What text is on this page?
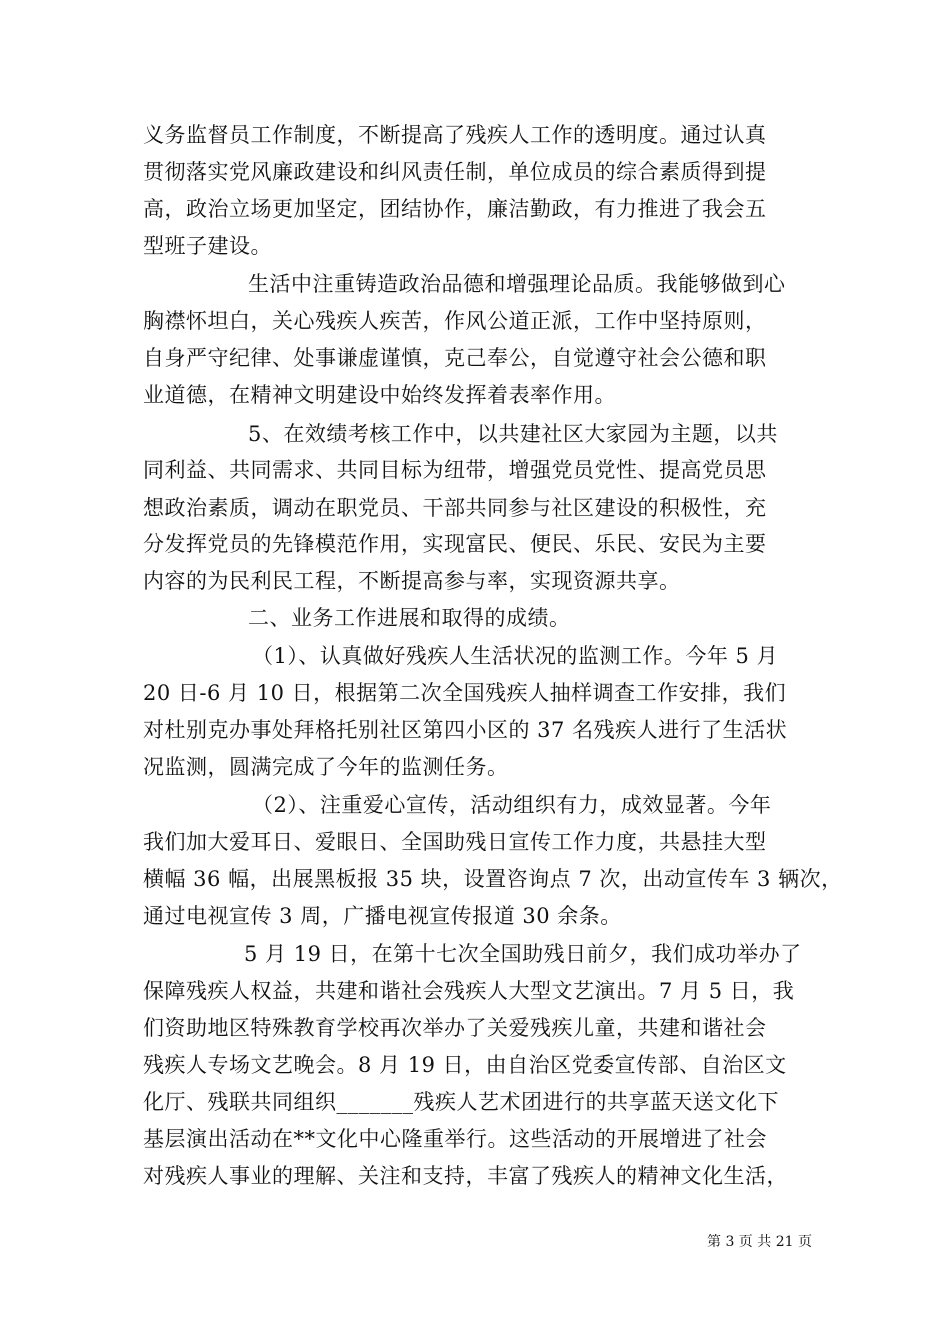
义务监督员工作制度，不断提高了残疾人工作的透明度。通过认真
贯彻落实党风廉政建设和纠风责任制，单位成员的综合素质得到提
高，政治立场更加坚定，团结协作，廉洁勤政，有力推进了我会五
型班子建设。
生活中注重铸造政治品德和增强理论品质。我能够做到心
胸襟怀坦白，关心残疾人疾苦，作风公道正派，工作中坚持原则，
自身严守纪律、处事谦虚谨慎，克己奉公，自觉遵守社会公德和职
业道德，在精神文明建设中始终发挥着表率作用。
5、在效绩考核工作中，以共建社区大家园为主题，以共
同利益、共同需求、共同目标为纽带，增强党员党性、提高党员思
想政治素质，调动在职党员、干部共同参与社区建设的积极性，充
分发挥党员的先锋模范作用，实现富民、便民、乐民、安民为主要
内容的为民利民工程，不断提高参与率，实现资源共享。
二、业务工作进展和取得的成绩。
（1）、认真做好残疾人生活状况的监测工作。今年 5 月
20 日-6 月 10 日，根据第二次全国残疾人抽样调查工作安排，我们
对杜别克办事处拜格托别社区第四小区的 37 名残疾人进行了生活状
况监测，圆满完成了今年的监测任务。
（2）、注重爱心宣传，活动组织有力，成效显著。今年
我们加大爱耳日、爱眼日、全国助残日宣传工作力度，共悬挂大型
横幅 36 幅，出展黑板报 35 块，设置咨询点 7 次，出动宣传车 3 辆次，
通过电视宣传 3 周，广播电视宣传报道 30 余条。
5 月 19 日，在第十七次全国助残日前夕，我们成功举办了
保障残疾人权益，共建和谐社会残疾人大型文艺演出。7 月 5 日，我
们资助地区特殊教育学校再次举办了关爱残疾儿童，共建和谐社会
残疾人专场文艺晚会。8 月 19 日，由自治区党委宣传部、自治区文
化厅、残联共同组织_______残疾人艺术团进行的共享蓝天送文化下
基层演出活动在**文化中心隆重举行。这些活动的开展增进了社会
对残疾人事业的理解、关注和支持，丰富了残疾人的精神文化生活，
第 3 页 共 21 页
